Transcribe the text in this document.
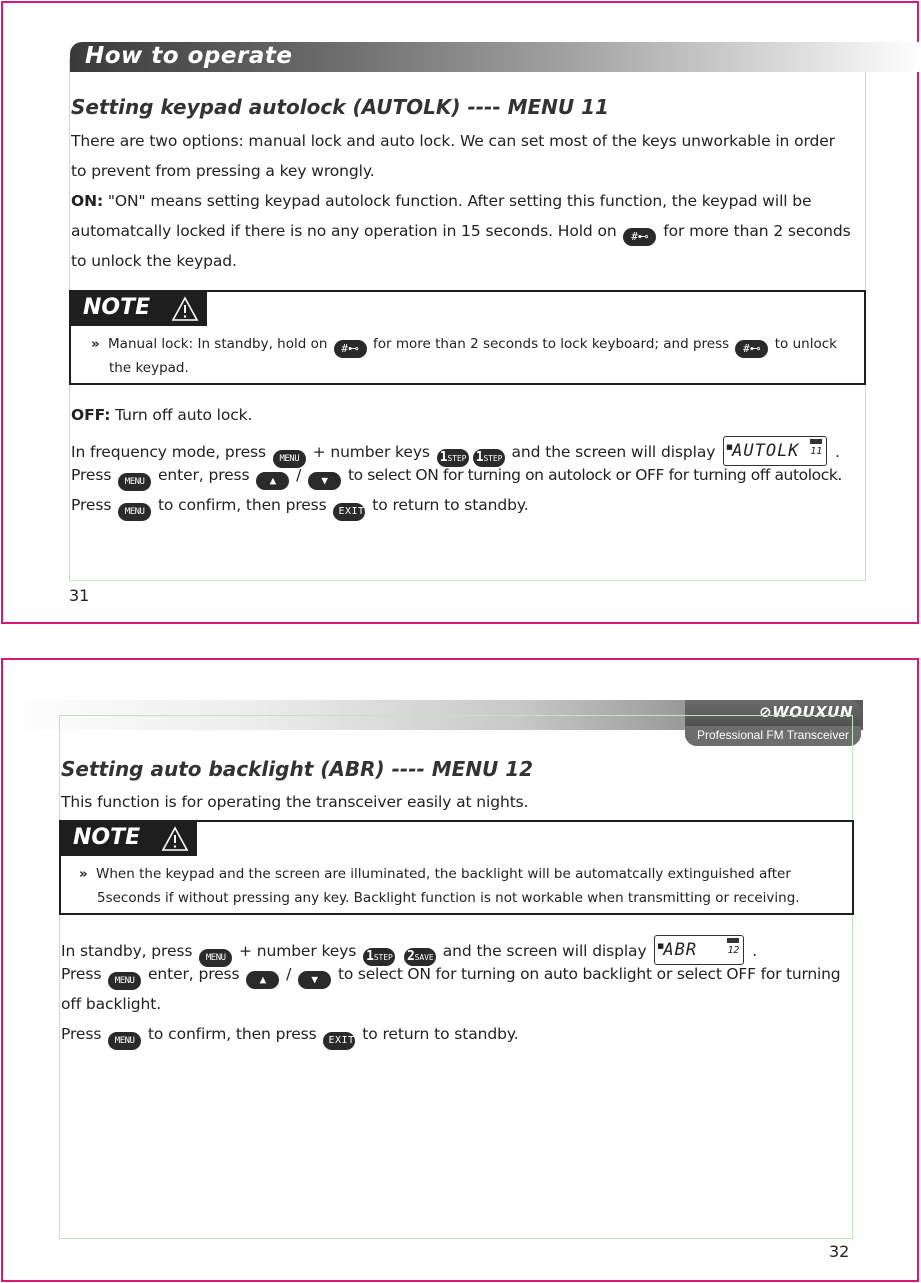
How to operate
Setting keypad autolock (AUTOLK) ---- MENU 11
There are two options: manual lock and auto lock. We can set most of the keys unworkable in order
to prevent from pressing a key wrongly.
ON: "ON" means setting keypad autolock function. After setting this function, the keypad will be
automatcally locked if there is no any operation in 15 seconds. Hold on #⊷ for more than 2 seconds
to unlock the keypad.
NOTE
» Manual lock: In standby, hold on #⊷ for more than 2 seconds to lock keyboard; and press #⊷ to unlock
the keypad.
OFF: Turn off auto lock.
In frequency mode, press MENU + number keys 1STEP 1STEP and the screen will display ■ AUTOLK 11 .
Press MENU enter, press ▲ / ▼ to select ON for turning on autolock or OFF for turning off autolock.
Press MENU to confirm, then press EXIT to return to standby.
31
⊘WOUXUN
Professional FM Transceiver
Setting auto backlight (ABR) ---- MENU 12
This function is for operating the transceiver easily at nights.
NOTE
» When the keypad and the screen are illuminated, the backlight will be automatcally extinguished after
5seconds if without pressing any key. Backlight function is not workable when transmitting or receiving.
In standby, press MENU + number keys 1STEP 2SAVE and the screen will display ■ ABR	12 .
Press MENU enter, press ▲ / ▼ to select ON for turning on auto backlight or select OFF for turning
off backlight.
Press MENU to confirm, then press EXIT to return to standby.
32
